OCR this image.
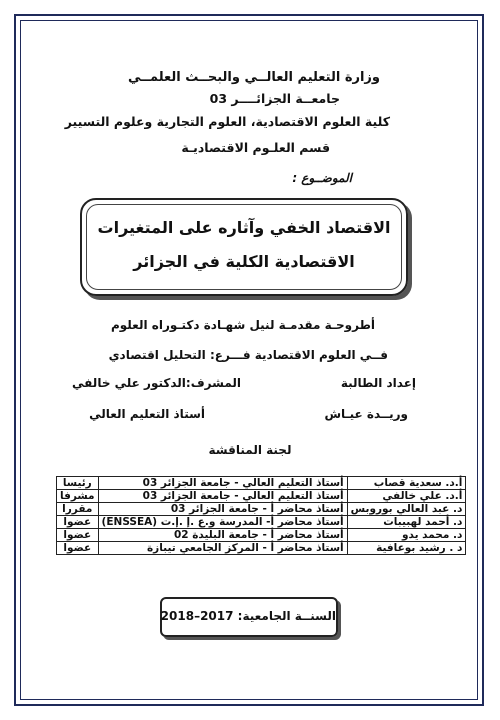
وزارة التعليم العالــي والبحــث العلمــي
جامعــة الجزائــــر 03
كلية العلوم الاقتصادية، العلوم التجارية وعلوم التسيير
قسم العلـوم الاقتصاديـة
الموضــوع :
الاقتصاد الخفي وآثاره على المتغيرات
الاقتصادية الكلية في الجزائر
أطروحـة مقدمـة لنيل شهـادة دكتـوراه العلوم
فــي العلوم الاقتصادية فـــرع: التحليل اقتصادي
إعداد الطالبة
المشرف:الدكتور علي خالفي
وريــدة عيـاش
أستاذ التعليم العالي
لجنة المناقشة
أ.د. سعدية قصاب	أستاذ التعليم العالي - جامعة الجزائر 03	رئيسا
أ.د. علي خالفي	أستاذ التعليم العالي - جامعة الجزائر 03	مشرفا
د. عبد العالي بوروبس	أستاذ محاضر أ - جامعة الجزائر 03	مقررا
د. أحمد لهبيبات	أستاذ محاضر أ- المدرسة و.ع .إ .إ.ت (ENSSEA)	عضوا
د. محمد يدو	أستاذ محاضر أ - جامعة البليدة 02	عضوا
د . رشيد بوعافية	أستاذ محاضر أ - المركز الجامعي تيبازة	عضوا
السنــة الجامعية: 2017–2018
